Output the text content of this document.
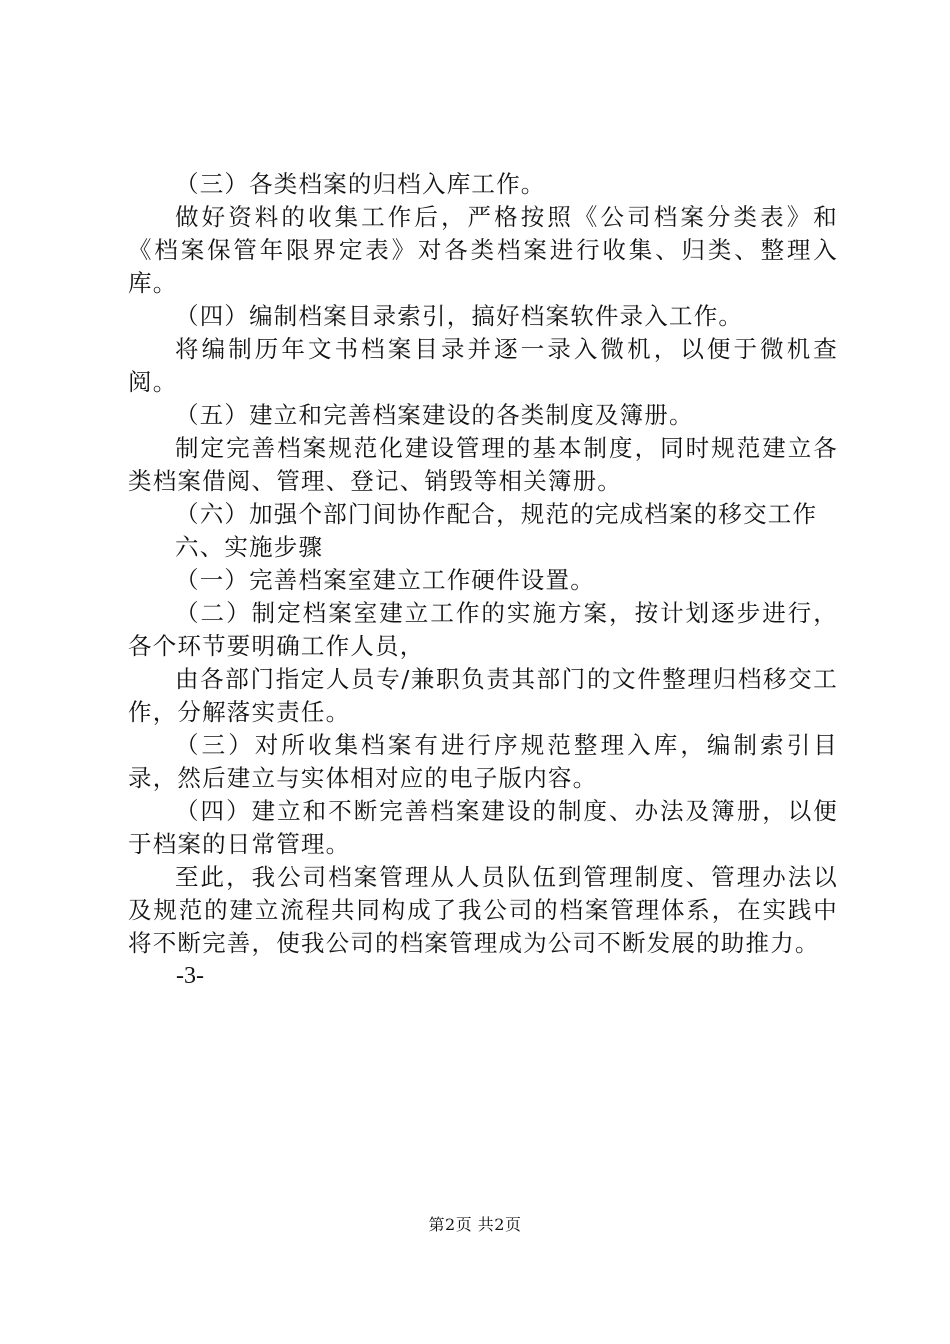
（三）各类档案的归档入库工作。

做好资料的收集工作后，严格按照《公司档案分类表》和《档案保管年限界定表》对各类档案进行收集、归类、整理入库。

（四）编制档案目录索引，搞好档案软件录入工作。

将编制历年文书档案目录并逐一录入微机，以便于微机查阅。

（五）建立和完善档案建设的各类制度及簿册。

制定完善档案规范化建设管理的基本制度，同时规范建立各类档案借阅、管理、登记、销毁等相关簿册。

（六）加强个部门间协作配合，规范的完成档案的移交工作

六、实施步骤

（一）完善档案室建立工作硬件设置。

（二）制定档案室建立工作的实施方案，按计划逐步进行，各个环节要明确工作人员，

由各部门指定人员专/兼职负责其部门的文件整理归档移交工作，分解落实责任。

（三）对所收集档案有进行序规范整理入库，编制索引目录，然后建立与实体相对应的电子版内容。

（四）建立和不断完善档案建设的制度、办法及簿册，以便于档案的日常管理。

至此，我公司档案管理从人员队伍到管理制度、管理办法以及规范的建立流程共同构成了我公司的档案管理体系，在实践中将不断完善，使我公司的档案管理成为公司不断发展的助推力。

-3-

第2页 共2页
